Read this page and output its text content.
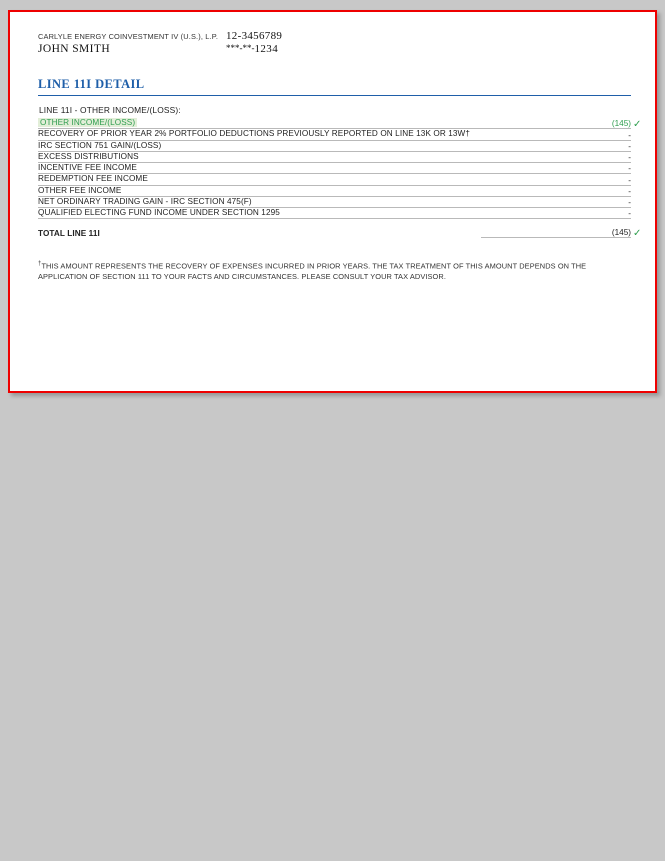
CARLYLE ENERGY COINVESTMENT IV (U.S.), L.P. 12-3456789
JOHN SMITH	***-**-1234
LINE 11I DETAIL
LINE 11I - OTHER INCOME/(LOSS):
OTHER INCOME/(LOSS)	(145) ✓

RECOVERY OF PRIOR YEAR 2% PORTFOLIO DEDUCTIONS PREVIOUSLY REPORTED ON LINE 13K OR 13W†	-
IRC SECTION 751 GAIN/(LOSS)	-
EXCESS DISTRIBUTIONS	-
INCENTIVE FEE INCOME	-
REDEMPTION FEE INCOME	-
OTHER FEE INCOME	-
NET ORDINARY TRADING GAIN - IRC SECTION 475(F)	-
QUALIFIED ELECTING FUND INCOME UNDER SECTION 1295	-
TOTAL LINE 11I	(145) ✓
†THIS AMOUNT REPRESENTS THE RECOVERY OF EXPENSES INCURRED IN PRIOR YEARS. THE TAX TREATMENT OF THIS AMOUNT DEPENDS ON THE APPLICATION OF SECTION 111 TO YOUR FACTS AND CIRCUMSTANCES. PLEASE CONSULT YOUR TAX ADVISOR.
